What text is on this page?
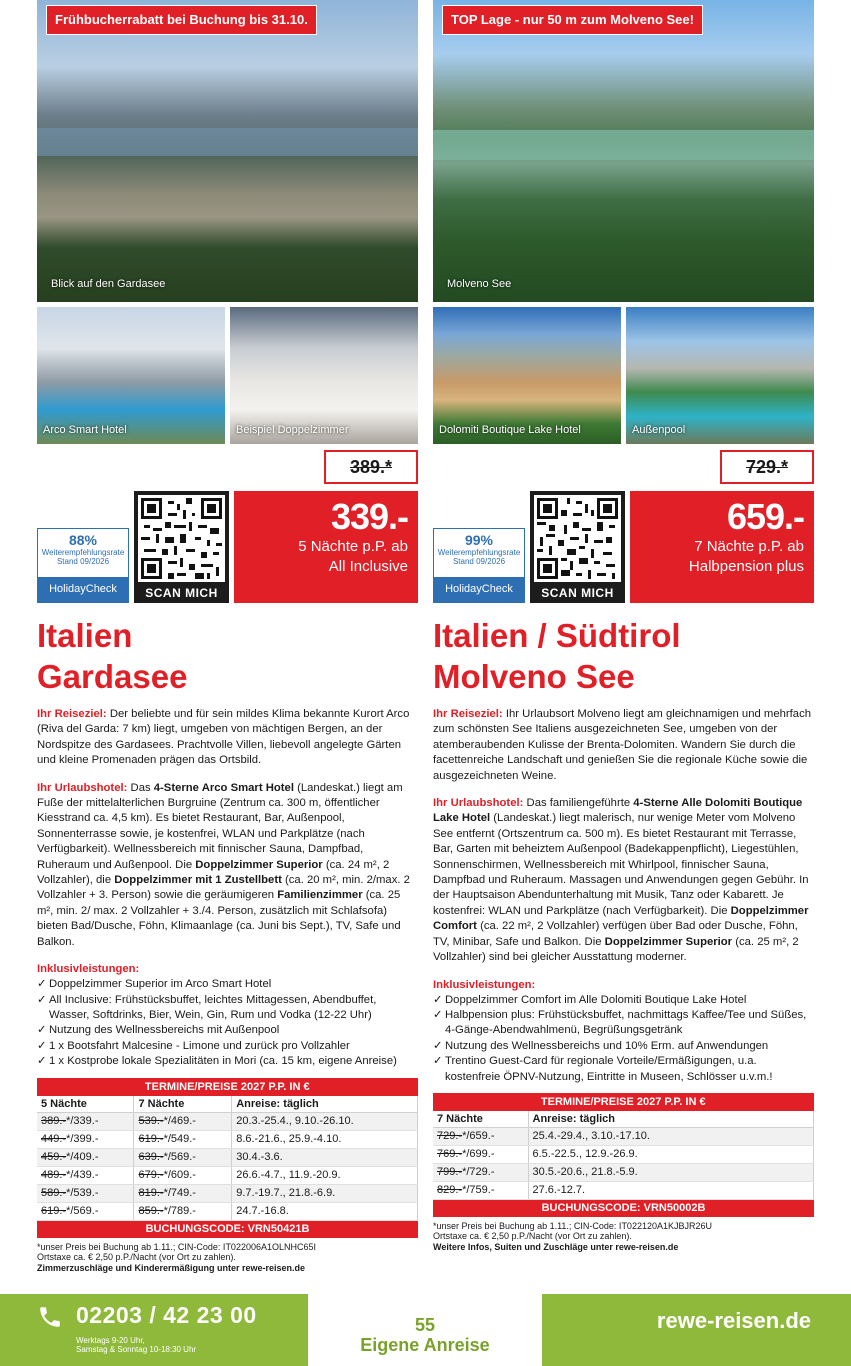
Frühbucherrabatt bei Buchung bis 31.10.
Blick auf den Gardasee
Arco Smart Hotel	Beispiel Doppelzimmer
88%
Weiterempfehlungsrate
Stand 09/2026
HolidayCheck	SCAN MICH
389.*
339.-
5 Nächte p.P. ab
All Inclusive
Italien
Gardasee

Ihr Reiseziel: Der beliebte und für sein mildes Klima bekannte Kurort Arco (Riva del Garda: 7 km) liegt, umgeben von mächtigen Bergen, an der Nordspitze des Gardasees. Prachtvolle Villen, liebevoll angelegte Gärten und kleine Promenaden prägen das Ortsbild.

Ihr Urlaubshotel: Das 4-Sterne Arco Smart Hotel (Landeskat.) liegt am Fuße der mittelalterlichen Burgruine (Zentrum ca. 300 m, öffentlicher Kiesstrand ca. 4,5 km). Es bietet Restaurant, Bar, Außenpool, Sonnenterrasse sowie, je kostenfrei, WLAN und Parkplätze (nach Verfügbarkeit). Wellnessbereich mit finnischer Sauna, Dampfbad, Ruheraum und Außenpool. Die Doppelzimmer Superior (ca. 24 m², 2 Vollzahler), die Doppelzimmer mit 1 Zustellbett (ca. 20 m², min. 2/max. 2 Vollzahler + 3. Person) sowie die geräumigeren Familienzimmer (ca. 25 m², min. 2/ max. 2 Vollzahler + 3./4. Person, zusätzlich mit Schlafsofa) bieten Bad/Dusche, Föhn, Klimaanlage (ca. Juni bis Sept.), TV, Safe und Balkon.

Inklusivleistungen:
✓ Doppelzimmer Superior im Arco Smart Hotel
✓ All Inclusive: Frühstücksbuffet, leichtes Mittagessen, Abendbuffet, Wasser, Softdrinks, Bier, Wein, Gin, Rum und Vodka (12-22 Uhr)
✓ Nutzung des Wellnessbereichs mit Außenpool
✓ 1 x Bootsfahrt Malcesine - Limone und zurück pro Vollzahler
✓ 1 x Kostprobe lokale Spezialitäten in Mori (ca. 15 km, eigene Anreise)
TERMINE/PREISE 2027 P.P. IN €		
5 Nächte	7 Nächte	Anreise: täglich
389.-*/339.-	539.-*/469.-	20.3.-25.4., 9.10.-26.10.
449.-*/399.-	619.-*/549.-	8.6.-21.6., 25.9.-4.10.
459.-*/409.-	639.-*/569.-	30.4.-3.6.
489.-*/439.-	679.-*/609.-	26.6.-4.7., 11.9.-20.9.
589.-*/539.-	819.-*/749.-	9.7.-19.7., 21.8.-6.9.
619.-*/569.-	859.-*/789.-	24.7.-16.8.
BUCHUNGSCODE: VRN50421B
*unser Preis bei Buchung ab 1.11.; CIN-Code: IT022006A1OLNHC65I
Ortstaxe ca. € 2,50 p.P./Nacht (vor Ort zu zahlen).
Zimmerzuschläge und Kinderermäßigung unter rewe-reisen.de
TOP Lage - nur 50 m zum Molveno See!
Molveno See
Dolomiti Boutique Lake Hotel	Außenpool
99%
Weiterempfehlungsrate
Stand 09/2026
HolidayCheck	SCAN MICH
729.*
659.-
7 Nächte p.P. ab
Halbpension plus
Italien / Südtirol
Molveno See

Ihr Reiseziel: Ihr Urlaubsort Molveno liegt am gleichnamigen und mehrfach zum schönsten See Italiens ausgezeichneten See, umgeben von der atemberaubenden Kulisse der Brenta-Dolomiten. Wandern Sie durch die facettenreiche Landschaft und genießen Sie die regionale Küche sowie die ausgezeichneten Weine.

Ihr Urlaubshotel: Das familiengeführte 4-Sterne Alle Dolomiti Boutique Lake Hotel (Landeskat.) liegt malerisch, nur wenige Meter vom Molveno See entfernt (Ortszentrum ca. 500 m). Es bietet Restaurant mit Terrasse, Bar, Garten mit beheiztem Außenpool (Badekappenpflicht), Liegestühlen, Sonnenschirmen, Wellnessbereich mit Whirlpool, finnischer Sauna, Dampfbad und Ruheraum. Massagen und Anwendungen gegen Gebühr. In der Hauptsaison Abendunterhaltung mit Musik, Tanz oder Kabarett. Je kostenfrei: WLAN und Parkplätze (nach Verfügbarkeit). Die Doppelzimmer Comfort (ca. 22 m², 2 Vollzahler) verfügen über Bad oder Dusche, Föhn, TV, Minibar, Safe und Balkon. Die Doppelzimmer Superior (ca. 25 m², 2 Vollzahler) sind bei gleicher Ausstattung moderner.

Inklusivleistungen:
✓ Doppelzimmer Comfort im Alle Dolomiti Boutique Lake Hotel
✓ Halbpension plus: Frühstücksbuffet, nachmittags Kaffee/Tee und Süßes, 4-Gänge-Abendwahlmenü, Begrüßungsgetränk
✓ Nutzung des Wellnessbereichs und 10% Erm. auf Anwendungen
✓ Trentino Guest-Card für regionale Vorteile/Ermäßigungen, u.a. kostenfreie ÖPNV-Nutzung, Eintritte in Museen, Schlösser u.v.m.!
TERMINE/PREISE 2027 P.P. IN €	
7 Nächte	Anreise: täglich
729.-*/659.-	25.4.-29.4., 3.10.-17.10.
769.-*/699.-	6.5.-22.5., 12.9.-26.9.
799.-*/729.-	30.5.-20.6., 21.8.-5.9.
829.-*/759.-	27.6.-12.7.
BUCHUNGSCODE: VRN50002B
*unser Preis bei Buchung ab 1.11.; CIN-Code: IT022120A1KJBJR26U
Ortstaxe ca. € 2,50 p.P./Nacht (vor Ort zu zahlen).
Weitere Infos, Suiten und Zuschläge unter rewe-reisen.de
02203 / 42 23 00
Werktags 9-20 Uhr,
Samstag & Sonntag 10-18:30 Uhr
55
Eigene Anreise
rewe-reisen.de
